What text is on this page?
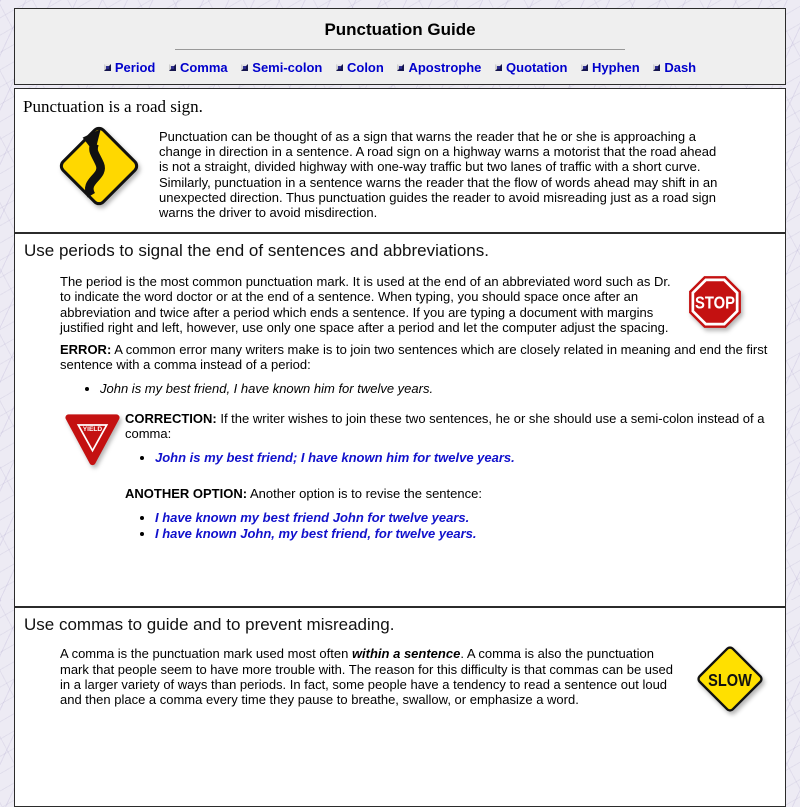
Punctuation Guide
Period
Comma
Semi-colon
Colon
Apostrophe
Quotation
Hyphen
Dash
Punctuation is a road sign.

Punctuation can be thought of as a sign that warns the reader that he or she is approaching a change in direction in a sentence. A road sign on a highway warns a motorist that the road ahead is not a straight, divided highway with one-way traffic but two lanes of traffic with a short curve. Similarly, punctuation in a sentence warns the reader that the flow of words ahead may shift in an unexpected direction. Thus punctuation guides the reader to avoid misreading just as a road sign warns the driver to avoid misdirection.

Use periods to signal the end of sentences and abbreviations.

The period is the most common punctuation mark. It is used at the end of an abbreviated word such as Dr. to indicate the word doctor or at the end of a sentence. When typing, you should space once after an abbreviation and twice after a period which ends a sentence. If you are typing a document with margins justified right and left, however, use only one space after a period and let the computer adjust the spacing.

STOP

ERROR: A common error many writers make is to join two sentences which are closely related in meaning and end the first sentence with a comma instead of a period:

• John is my best friend, I have known him for twelve years.
YIELD

CORRECTION: If the writer wishes to join these two sentences, he or she should use a semi-colon instead of a comma:

• John is my best friend; I have known him for twelve years.

ANOTHER OPTION: Another option is to revise the sentence:

• I have known my best friend John for twelve years.
• I have known John, my best friend, for twelve years.
Use commas to guide and to prevent misreading.

A comma is the punctuation mark used most often within a sentence. A comma is also the punctuation mark that people seem to have more trouble with. The reason for this difficulty is that commas can be used in a larger variety of ways than periods. In fact, some people have a tendency to read a sentence out loud and then place a comma every time they pause to breathe, swallow, or emphasize a word.

SLOW
